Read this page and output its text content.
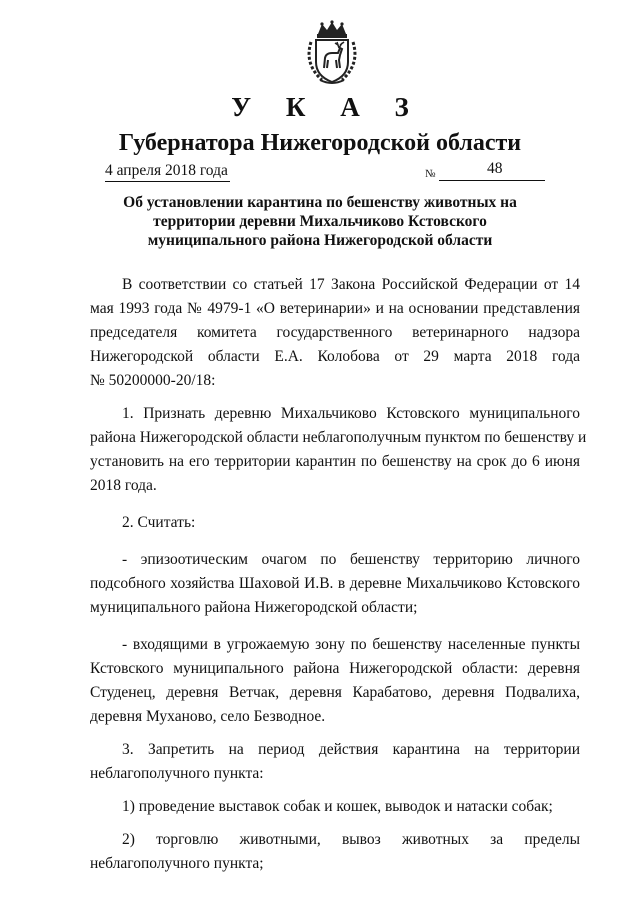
У К А З
Губернатора Нижегородской области
4 апреля 2018 года	№	48
Об установлении карантина по бешенству животных на
территории деревни Михальчиково Кстовского
муниципального района Нижегородской области
В соответствии со статьей 17 Закона Российской Федерации от 14
мая 1993 года № 4979-1 «О ветеринарии» и на основании представления
председателя комитета государственного ветеринарного надзора
Нижегородской области Е.А. Колобова от 29 марта 2018 года
№ 50200000-20/18:
1. Признать деревню Михальчиково Кстовского муниципального
района Нижегородской области неблагополучным пунктом по бешенству и
установить на его территории карантин по бешенству на срок до 6 июня
2018 года.
2. Считать:
- эпизоотическим очагом по бешенству территорию личного
подсобного хозяйства Шаховой И.В. в деревне Михальчиково Кстовского
муниципального района Нижегородской области;
- входящими в угрожаемую зону по бешенству населенные пункты
Кстовского муниципального района Нижегородской области: деревня
Студенец, деревня Ветчак, деревня Карабатово, деревня Подвалиха,
деревня Муханово, село Безводное.
3. Запретить на период действия карантина на территории
неблагополучного пункта:
1) проведение выставок собак и кошек, выводок и натаски собак;
2) торговлю животными, вывоз животных за пределы
неблагополучного пункта;
